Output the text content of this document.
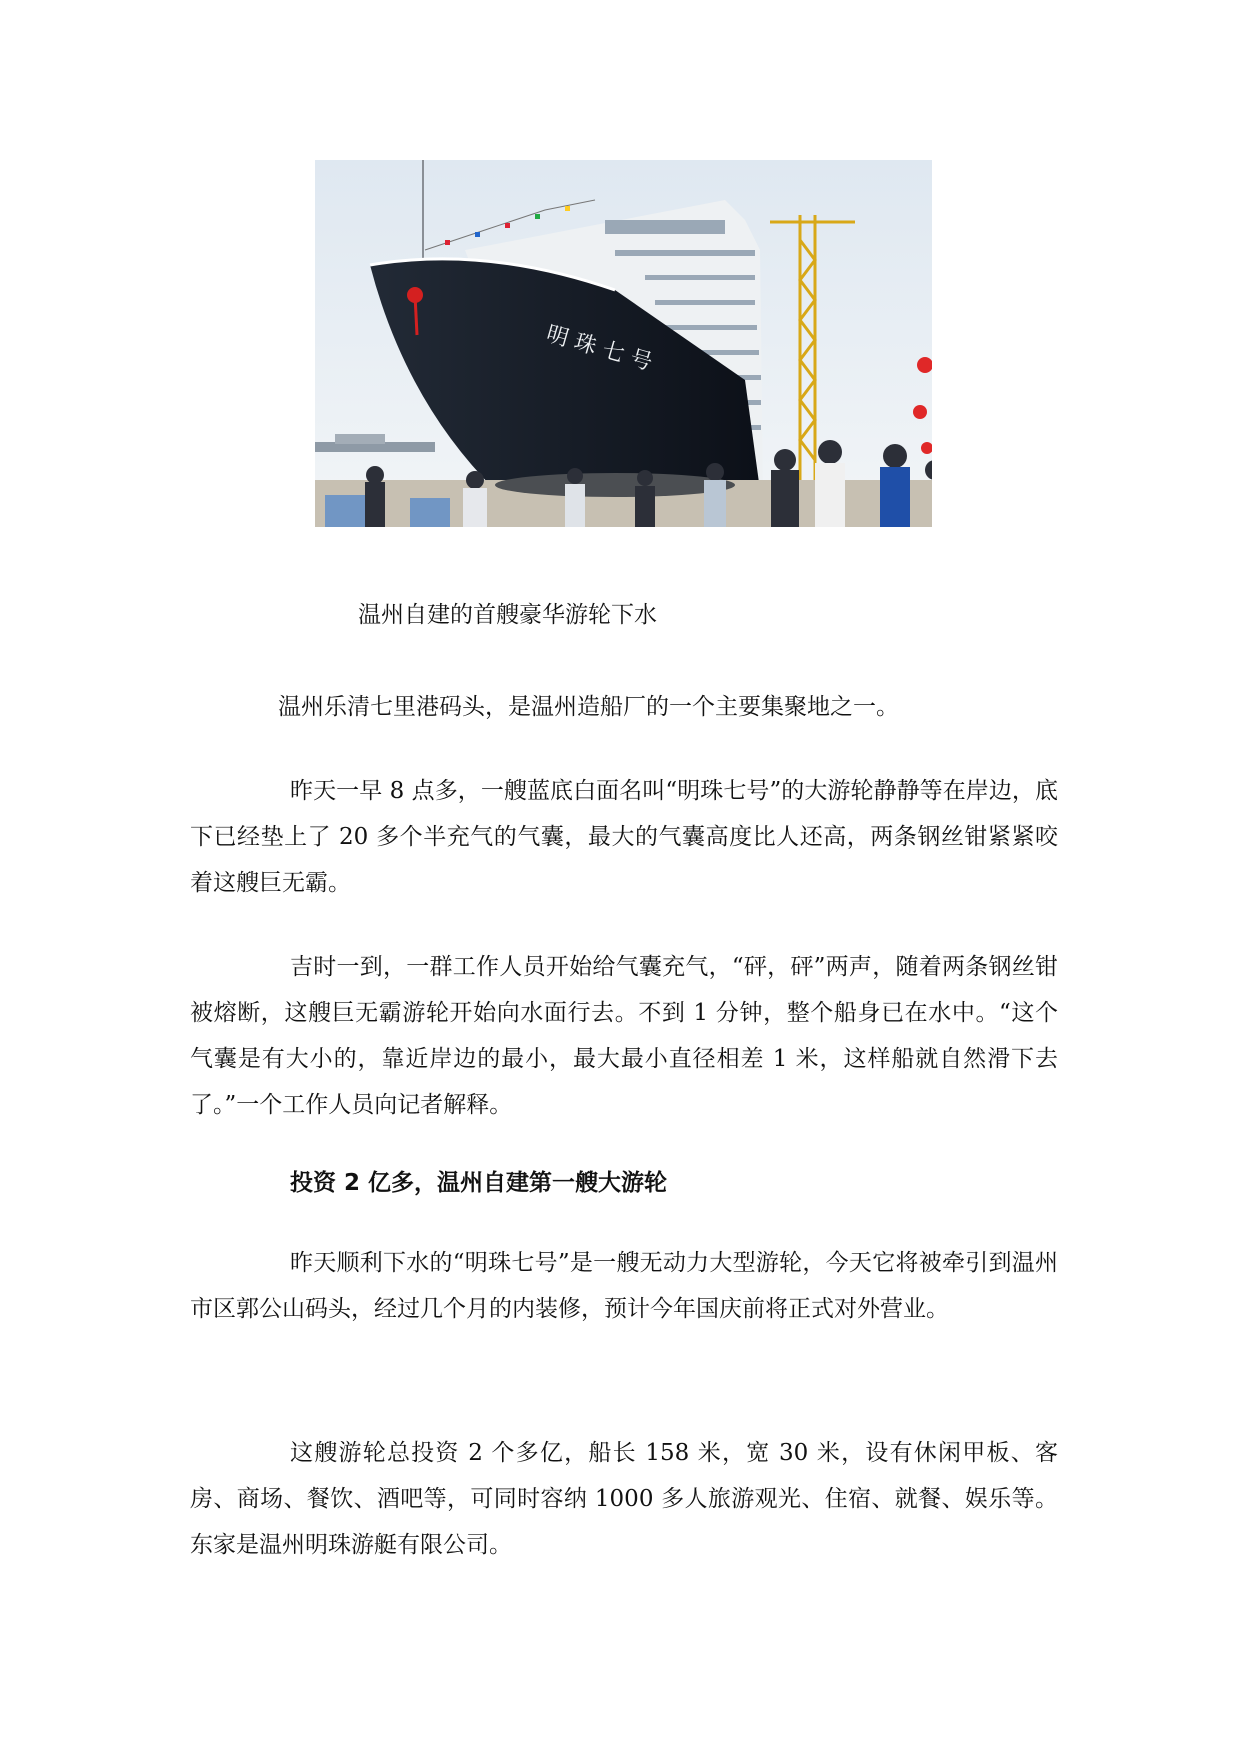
明 珠 七 号
温州自建的首艘豪华游轮下水

温州乐清七里港码头，是温州造船厂的一个主要集聚地之一。

昨天一早 8 点多，一艘蓝底白面名叫“明珠七号”的大游轮静静等在岸边，底下已经垫上了 20 多个半充气的气囊，最大的气囊高度比人还高，两条钢丝钳紧紧咬着这艘巨无霸。

吉时一到，一群工作人员开始给气囊充气，“砰，砰”两声，随着两条钢丝钳被熔断，这艘巨无霸游轮开始向水面行去。不到 1 分钟，整个船身已在水中。“这个气囊是有大小的，靠近岸边的最小，最大最小直径相差 1 米，这样船就自然滑下去了。”一个工作人员向记者解释。

投资 2 亿多，温州自建第一艘大游轮

昨天顺利下水的“明珠七号”是一艘无动力大型游轮，今天它将被牵引到温州市区郭公山码头，经过几个月的内装修，预计今年国庆前将正式对外营业。

这艘游轮总投资 2 个多亿，船长 158 米，宽 30 米，设有休闲甲板、客房、商场、餐饮、酒吧等，可同时容纳 1000 多人旅游观光、住宿、就餐、娱乐等。东家是温州明珠游艇有限公司。
